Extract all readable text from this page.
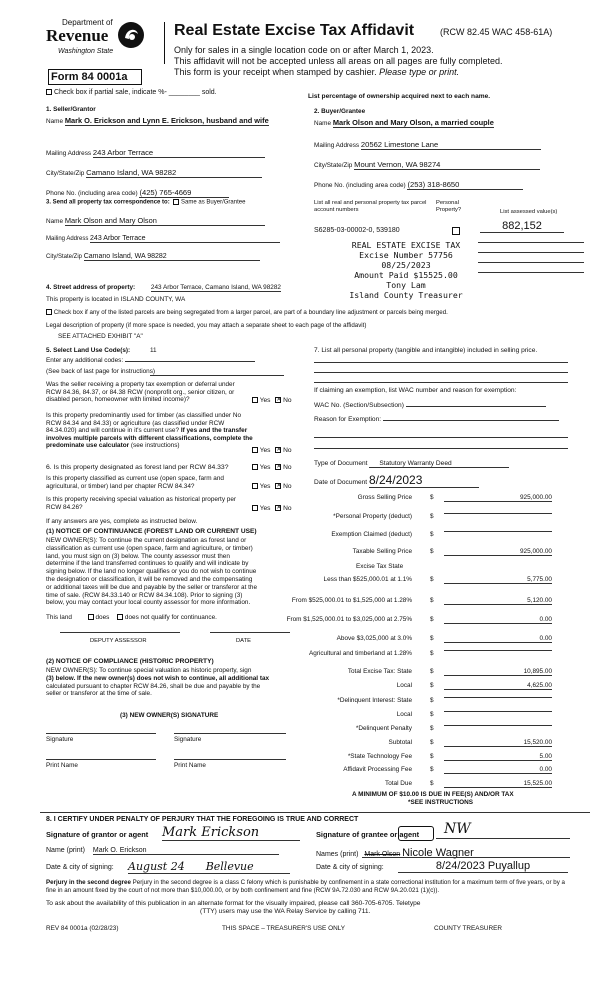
Department of
Revenue
Washington State
Real Estate Excise Tax Affidavit	(RCW 82.45 WAC 458-61A)
Only for sales in a single location code on or after March 1, 2023.
This affidavit will not be accepted unless all areas on all pages are fully completed.
This form is your receipt when stamped by cashier. Please type or print.
Form 84 0001a
Check box if partial sale, indicate %- ________ sold.
List percentage of ownership acquired next to each name.
1. Seller/Grantor
Name Mark O. Erickson and Lynn E. Erickson, husband and wife
Mailing Address 243 Arbor Terrace
City/State/Zip Camano Island, WA 98282
Phone No. (including area code) (425) 765-4669
2. Buyer/Grantee
Name Mark Olson and Mary Olson, a married couple
Mailing Address 20562 Limestone Lane
City/State/Zip Mount Vernon, WA 98274
Phone No. (including area code) (253) 318-8650
3. Send all property tax correspondence to: Same as Buyer/Grantee
Name Mark Olson and Mary Olson
Mailing Address 243 Arbor Terrace
City/State/Zip Camano Island, WA 98282
List all real and personal property tax parcel account numbers
Personal Property?	List assessed value(s)
S6285-03-00002-0, 539180	882,152
REAL ESTATE EXCISE TAX
Excise Number 57756
08/25/2023
Amount Paid $15525.00
Tony Lam
Island County Treasurer
4. Street address of property: 243 Arbor Terrace, Camano Island, WA 98282
This property is located in ISLAND COUNTY, WA
Check box if any of the listed parcels are being segregated from a larger parcel, are part of a boundary line adjustment or parcels being merged.
Legal description of property (if more space is needed, you may attach a separate sheet to each page of the affidavit)
SEE ATTACHED EXHIBIT "A"
5. Select Land Use Code(s):	11
Enter any additional codes:
(See back of last page for instructions)
Was the seller receiving a property tax exemption or deferral under RCW 84.36, 84.37, or 84.38 RCW (nonprofit org., senior citizen, or disabled person, homeowner with limited income)?	Yes ✕ No
Is this property predominantly used for timber (as classified under No RCW 84.34 and 84.33) or agriculture (as classified under RCW 84.34.020) and will continue in it's current use? If yes and the transfer involves multiple parcels with different classifications, complete the predominate use calculator (see instructions)
Yes ✕ No
6. Is this property designated as forest land per RCW 84.33?	Yes ✕ No
Is this property classified as current use (open space, farm and agricultural, or timber) land per chapter RCW 84.34?	Yes ✕ No
Is this property receiving special valuation as historical property per RCW 84.26?	Yes ✕ No
If any answers are yes, complete as instructed below.
(1) NOTICE OF CONTINUANCE (FOREST LAND OR CURRENT USE)
NEW OWNER(S): To continue the current designation as forest land or
classification as current use (open space, farm and agriculture, or timber)
land, you must sign on (3) below. The county assessor must then
determine if the land transferred continues to qualify and will indicate by
signing below. If the land no longer qualifies or you do not wish to continue
the designation or classification, it will be removed and the compensating
or additional taxes will be due and payable by the seller or transferor at the
time of sale. (RCW 84.33.140 or RCW 84.34.108). Prior to signing (3)
below, you may contact your local county assessor for more information.
This land	does does not qualify for continuance.
DEPUTY ASSESSOR	DATE
(2) NOTICE OF COMPLIANCE (HISTORIC PROPERTY)
NEW OWNER(S): To continue special valuation as historic property, sign
(3) below. If the new owner(s) does not wish to continue, all additional tax
calculated pursuant to chapter RCW 84.26, shall be due and payable by the
seller or transferor at the time of sale.
(3) NEW OWNER(S) SIGNATURE
Signature	Signature
Print Name	Print Name
7. List all personal property (tangible and intangible) included in selling price.
If claiming an exemption, list WAC number and reason for exemption:
WAC No. (Section/Subsection)
Reason for Exemption:
Type of Document Statutory Warranty Deed
Date of Document 8/24/2023
Gross Selling Price	$	925,000.00
*Personal Property (deduct)	$
Exemption Claimed (deduct)	$
Taxable Selling Price	$	925,000.00
Excise Tax State
Less than $525,000.01 at 1.1%	$	5,775.00
From $525,000.01 to $1,525,000 at 1.28%	$	5,120.00
From $1,525,000.01 to $3,025,000 at 2.75%	$	0.00
Above $3,025,000 at 3.0%	$	0.00
Agricultural and timberland at 1.28%	$
Total Excise Tax: State	$	10,895.00
Local	$	4,625.00
*Delinquent Interest: State	$
Local	$
*Delinquent Penalty	$
Subtotal	$	15,520.00
*State Technology Fee	$	5.00
Affidavit Processing Fee	$	0.00
Total Due	$	15,525.00
A MINIMUM OF $10.00 IS DUE IN FEE(S) AND/OR TAX
*SEE INSTRUCTIONS
8. I CERTIFY UNDER PENALTY OF PERJURY THAT THE FOREGOING IS TRUE AND CORRECT
Signature of grantor or agent Mark Erickson	Signature of grantee or agent NW
Name (print) Mark O. Erickson
Names (print) Mark Olson Nicole Wagner
Date & city of signing: August 24      Bellevue	Date & city of signing:	8/24/2023 Puyallup
Perjury in the second degree Perjury in the second degree is a class C felony which is punishable by confinement in a state correctional institution for a maximum term of five years, or by a fine in an amount fixed by the court of not more than $10,000.00, or by both confinement and fine (RCW 9A.72.030 and RCW 9A.20.021 (1)(c)).
To ask about the availability of this publication in an alternate format for the visually impaired, please call 360-705-6705. Teletype
(TTY) users may use the WA Relay Service by calling 711.
REV 84 0001a (02/28/23)	THIS SPACE – TREASURER'S USE ONLY	COUNTY TREASURER
